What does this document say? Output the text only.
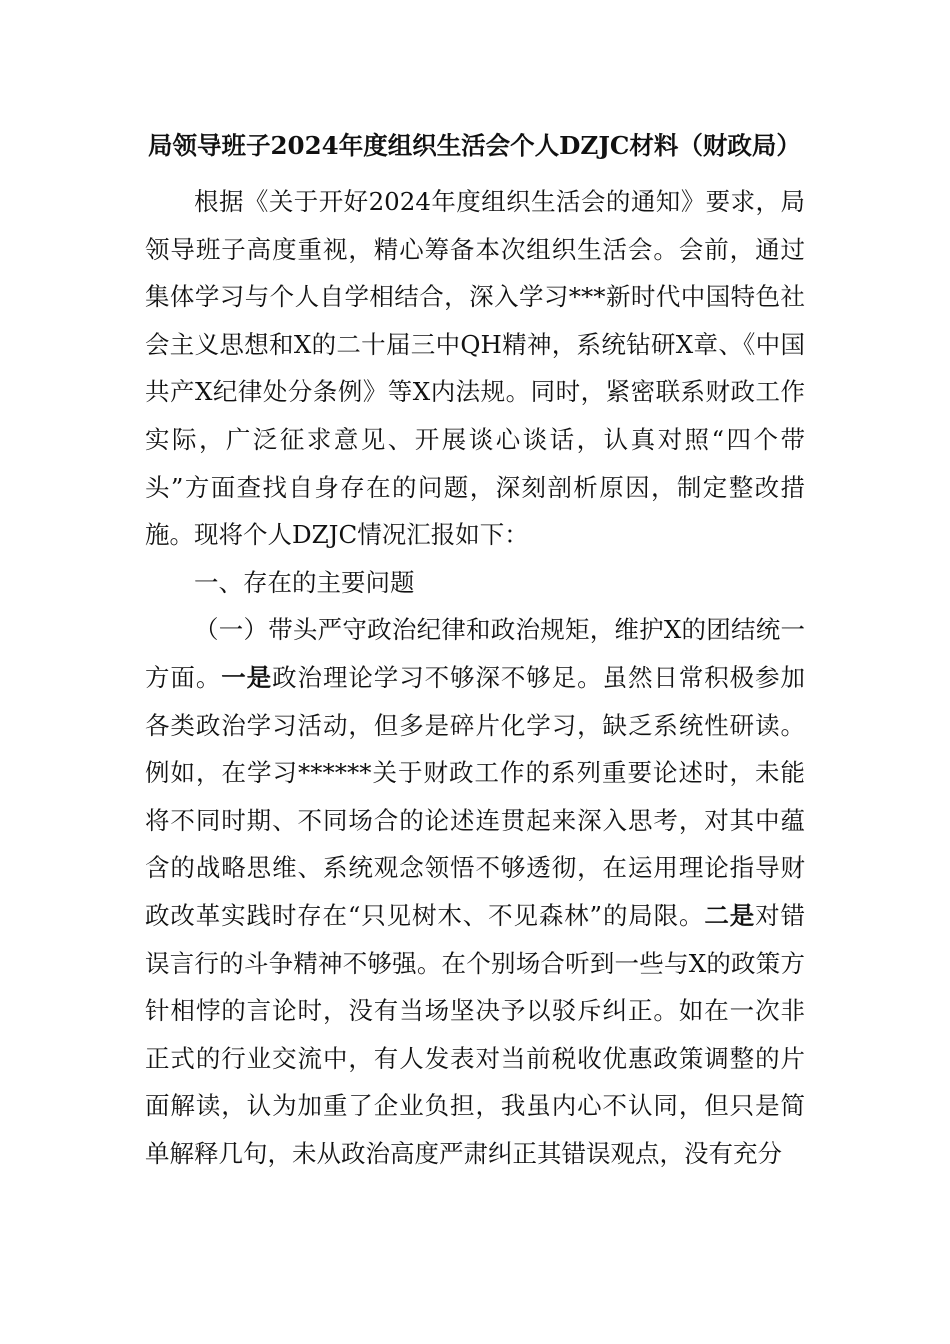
局领导班子2024年度组织生活会个人DZJC材料（财政局）

根据《关于开好2024年度组织生活会的通知》要求，局领导班子高度重视，精心筹备本次组织生活会。会前，通过集体学习与个人自学相结合，深入学习***新时代中国特色社会主义思想和X的二十届三中QH精神，系统钻研X章、《中国共产X纪律处分条例》等X内法规。同时，紧密联系财政工作实际，广泛征求意见、开展谈心谈话，认真对照“四个带头”方面查找自身存在的问题，深刻剖析原因，制定整改措施。现将个人DZJC情况汇报如下：

一、存在的主要问题

（一）带头严守政治纪律和政治规矩，维护X的团结统一方面。一是政治理论学习不够深不够足。虽然日常积极参加各类政治学习活动，但多是碎片化学习，缺乏系统性研读。例如，在学习******关于财政工作的系列重要论述时，未能将不同时期、不同场合的论述连贯起来深入思考，对其中蕴含的战略思维、系统观念领悟不够透彻，在运用理论指导财政改革实践时存在“只见树木、不见森林”的局限。二是对错误言行的斗争精神不够强。在个别场合听到一些与X的政策方针相悖的言论时，没有当场坚决予以驳斥纠正。如在一次非正式的行业交流中，有人发表对当前税收优惠政策调整的片面解读，认为加重了企业负担，我虽内心不认同，但只是简单解释几句，未从政治高度严肃纠正其错误观点，没有充分
